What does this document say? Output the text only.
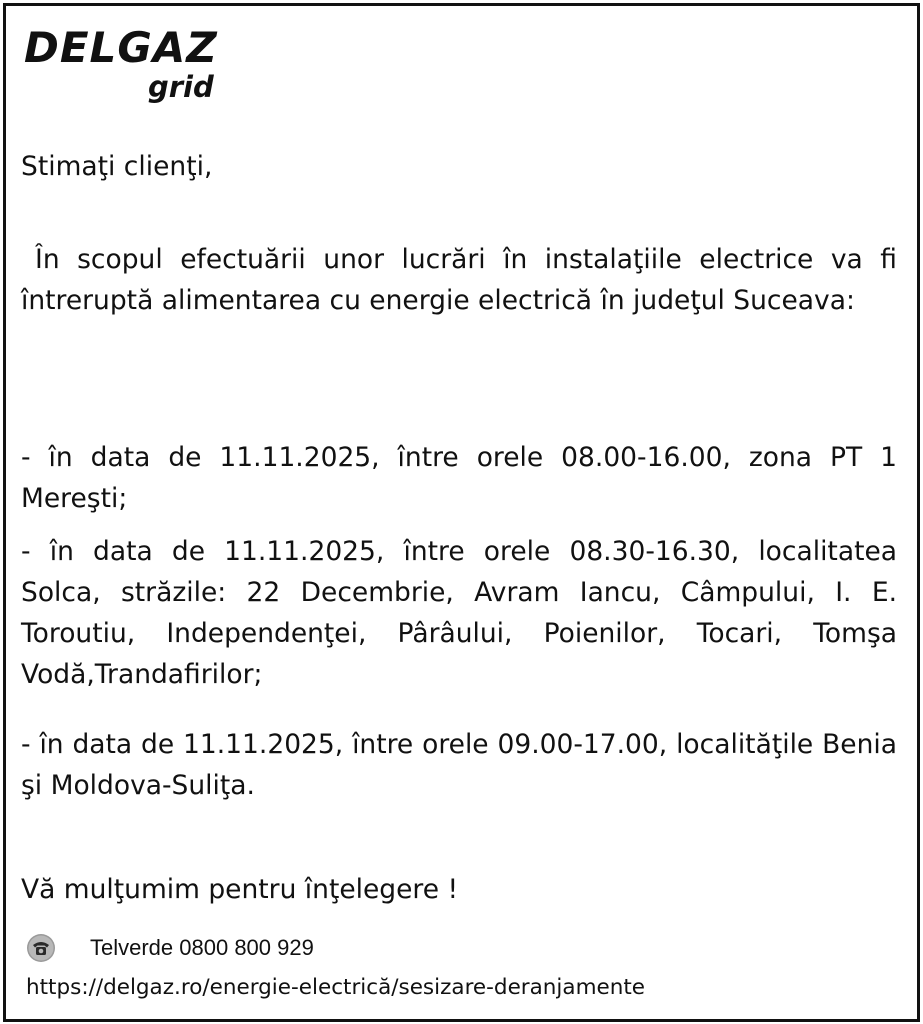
DELGAZ
grid

Stimaţi clienţi,

În scopul efectuării unor lucrări în instalaţiile electrice va fi întreruptă alimentarea cu energie electrică în judeţul Suceava:

- în data de 11.11.2025, între orele 08.00-16.00, zona PT 1 Mereşti;

- în data de 11.11.2025, între orele 08.30-16.30, localitatea Solca, străzile: 22 Decembrie, Avram Iancu, Câmpului, I. E. Toroutiu, Independenţei, Pârâului, Poienilor, Tocari, Tomşa Vodă,Trandafirilor;

- în data de 11.11.2025, între orele 09.00-17.00, localităţile Benia şi Moldova-Suliţa.

Vă mulţumim pentru înţelegere !

Telverde 0800 800 929
https://delgaz.ro/energie-electrică/sesizare-deranjamente
